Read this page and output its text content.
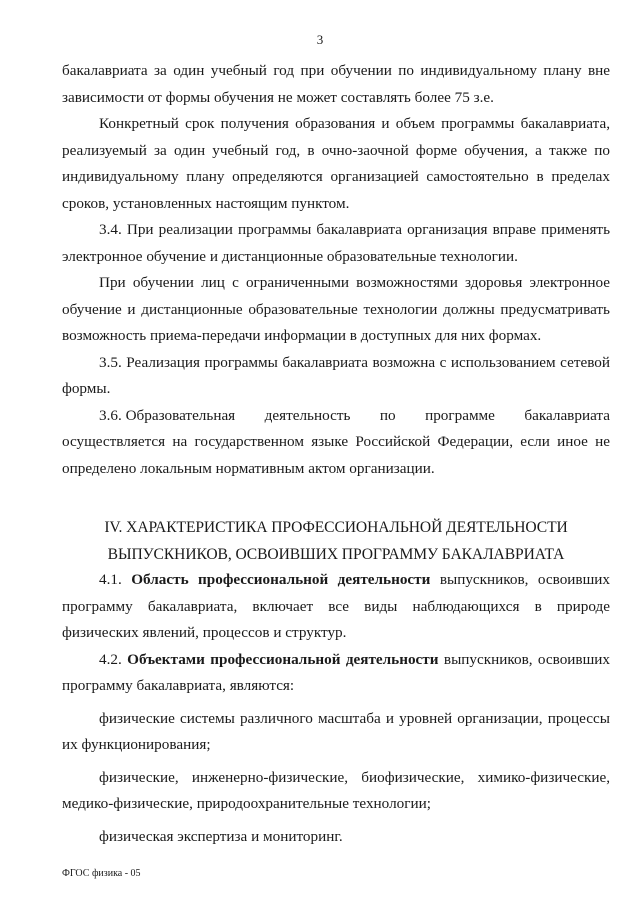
3

бакалавриата за один учебный год при обучении по индивидуальному плану вне зависимости от формы обучения не может составлять более 75 з.е.

Конкретный срок получения образования и объем программы бакалавриата, реализуемый за один учебный год, в очно-заочной форме обучения, а также по индивидуальному плану определяются организацией самостоятельно в пределах сроков, установленных настоящим пунктом.

3.4. При реализации программы бакалавриата организация вправе применять электронное обучение и дистанционные образовательные технологии.

При обучении лиц с ограниченными возможностями здоровья электронное обучение и дистанционные образовательные технологии должны предусматривать возможность приема-передачи информации в доступных для них формах.

3.5. Реализация программы бакалавриата возможна с использованием сетевой формы.

3.6. Образовательная деятельность по программе бакалавриата

осуществляется на государственном языке Российской Федерации, если иное не определено локальным нормативным актом организации.

IV. ХАРАКТЕРИСТИКА ПРОФЕССИОНАЛЬНОЙ ДЕЯТЕЛЬНОСТИ
ВЫПУСКНИКОВ, ОСВОИВШИХ ПРОГРАММУ БАКАЛАВРИАТА

4.1. Область профессиональной деятельности выпускников, освоивших программу бакалавриата, включает все виды наблюдающихся в природе физических явлений, процессов и структур.

4.2. Объектами профессиональной деятельности выпускников, освоивших программу бакалавриата, являются:

физические системы различного масштаба и уровней организации, процессы их функционирования;

физические, инженерно-физические, биофизические, химико-физические, медико-физические, природоохранительные технологии;

физическая экспертиза и мониторинг.

ФГОС физика - 05
